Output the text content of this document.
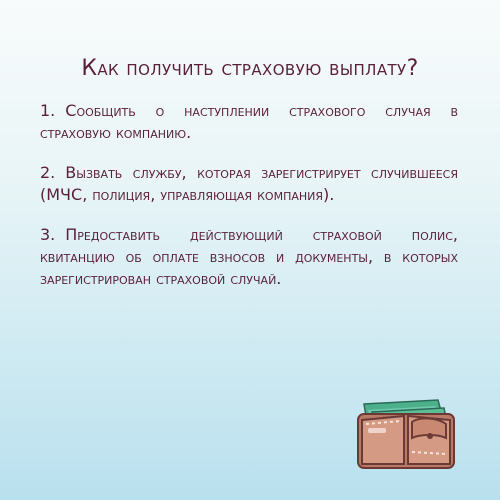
Как получить страховую выплату?
1. Сообщить о наступлении страхового случая в страховую компанию.
2. Вызвать службу, которая зарегистрирует случившееся (МЧС, полиция, управляющая компания).
3. Предоставить действующий страховой полис, квитанцию об оплате взносов и документы, в которых зарегистрирован страховой случай.
